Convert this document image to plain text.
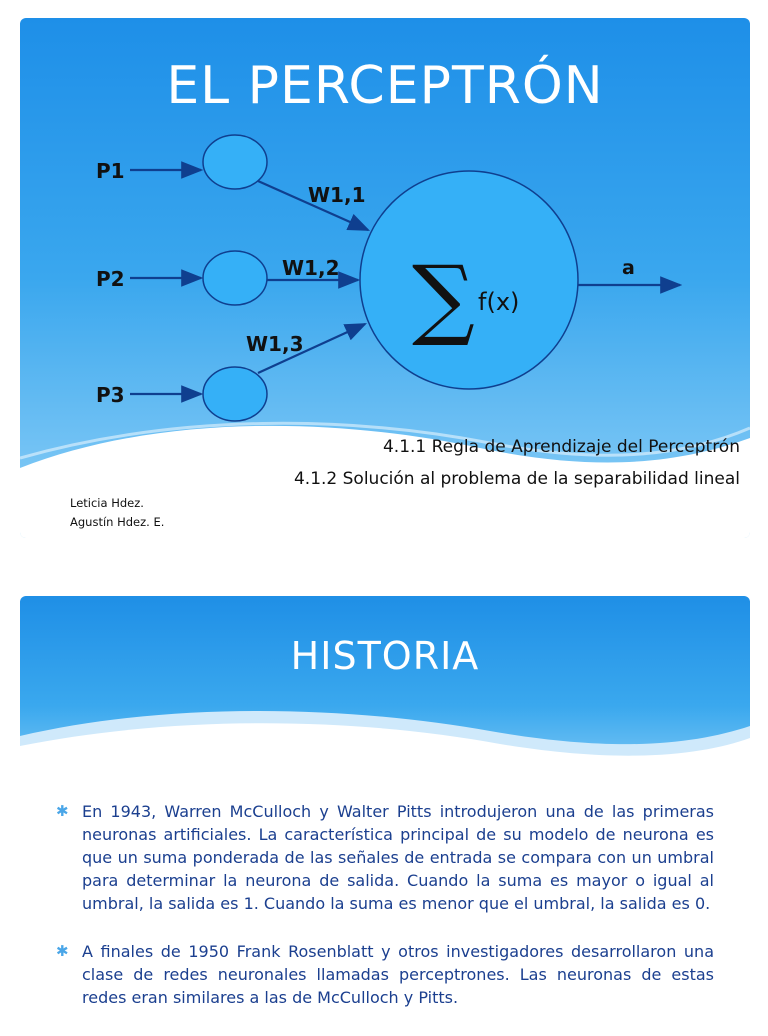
EL PERCEPTRÓN
P1
P2
P3
W1,1
W1,2
W1,3 ∑ f(x)
a
4.1.1 Regla de Aprendizaje del Perceptrón
4.1.2 Solución al problema de la separabilidad lineal
Leticia Hdez.
Agustín Hdez. E.
HISTORIA
✱ En 1943, Warren McCulloch y Walter Pitts introdujeron una de las primeras neuronas artificiales. La característica principal de su modelo de neurona es que un suma ponderada de las señales de entrada se compara con un umbral para determinar la neurona de salida. Cuando la suma es mayor o igual al umbral, la salida es 1. Cuando la suma es menor que el umbral, la salida es 0.
✱ A finales de 1950 Frank Rosenblatt y otros investigadores desarrollaron una clase de redes neuronales llamadas perceptrones. Las neuronas de estas redes eran similares a las de McCulloch y Pitts.
